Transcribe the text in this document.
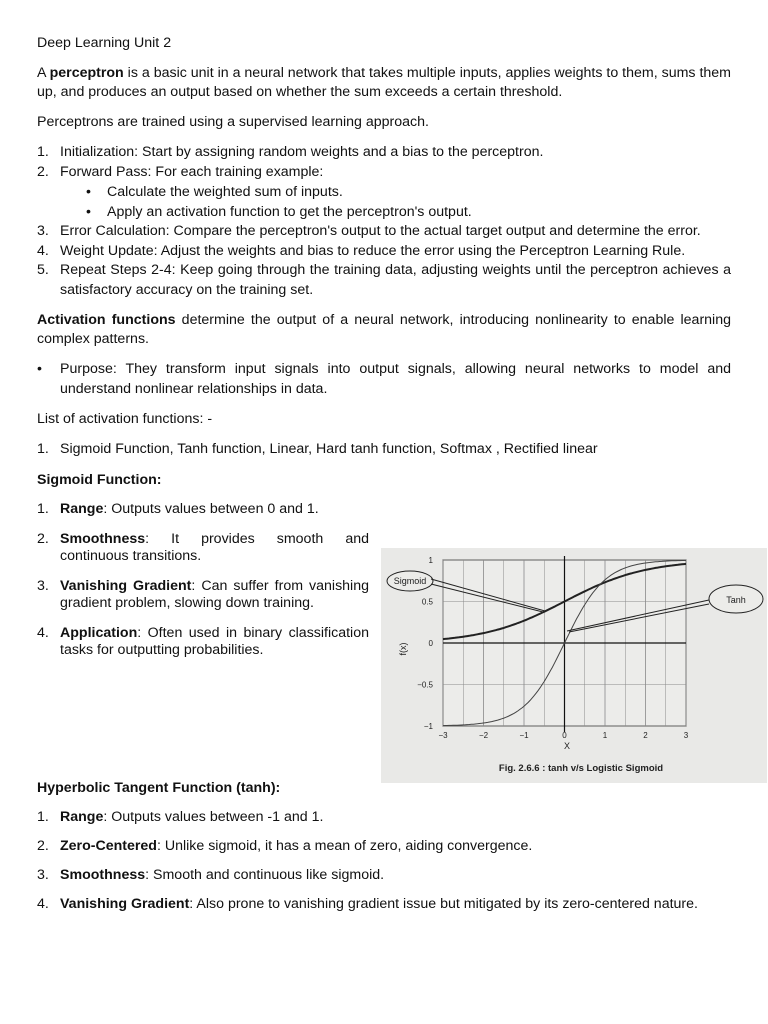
Deep Learning Unit 2

A perceptron is a basic unit in a neural network that takes multiple inputs, applies weights to them, sums them up, and produces an output based on whether the sum exceeds a certain threshold.

Perceptrons are trained using a supervised learning approach.

1. Initialization: Start by assigning random weights and a bias to the perceptron.
2. Forward Pass: For each training example:
• Calculate the weighted sum of inputs.
• Apply an activation function to get the perceptron's output.
3. Error Calculation: Compare the perceptron's output to the actual target output and determine the error.
4. Weight Update: Adjust the weights and bias to reduce the error using the Perceptron Learning Rule.
5. Repeat Steps 2-4: Keep going through the training data, adjusting weights until the perceptron achieves a satisfactory accuracy on the training set.

Activation functions determine the output of a neural network, introducing nonlinearity to enable learning complex patterns.

• Purpose: They transform input signals into output signals, allowing neural networks to model and understand nonlinear relationships in data.

List of activation functions: -

1. Sigmoid Function, Tanh function, Linear, Hard tanh function, Softmax , Rectified linear

Sigmoid Function:

1. Range: Outputs values between 0 and 1.
2. Smoothness: It provides smooth and continuous transitions.
3. Vanishing Gradient: Can suffer from vanishing gradient problem, slowing down training.
4. Application: Often used in binary classification tasks for outputting probabilities.

Hyperbolic Tangent Function (tanh):

1. Range: Outputs values between -1 and 1.
2. Zero-Centered: Unlike sigmoid, it has a mean of zero, aiding convergence.
3. Smoothness: Smooth and continuous like sigmoid.
4. Vanishing Gradient: Also prone to vanishing gradient issue but mitigated by its zero-centered nature.
1
0.5
0
−0.5
−1
−3	−2	−1	0	1	2	3
f(x)
X
Sigmoid
Tanh
Fig. 2.6.6 : tanh v/s Logistic Sigmoid
